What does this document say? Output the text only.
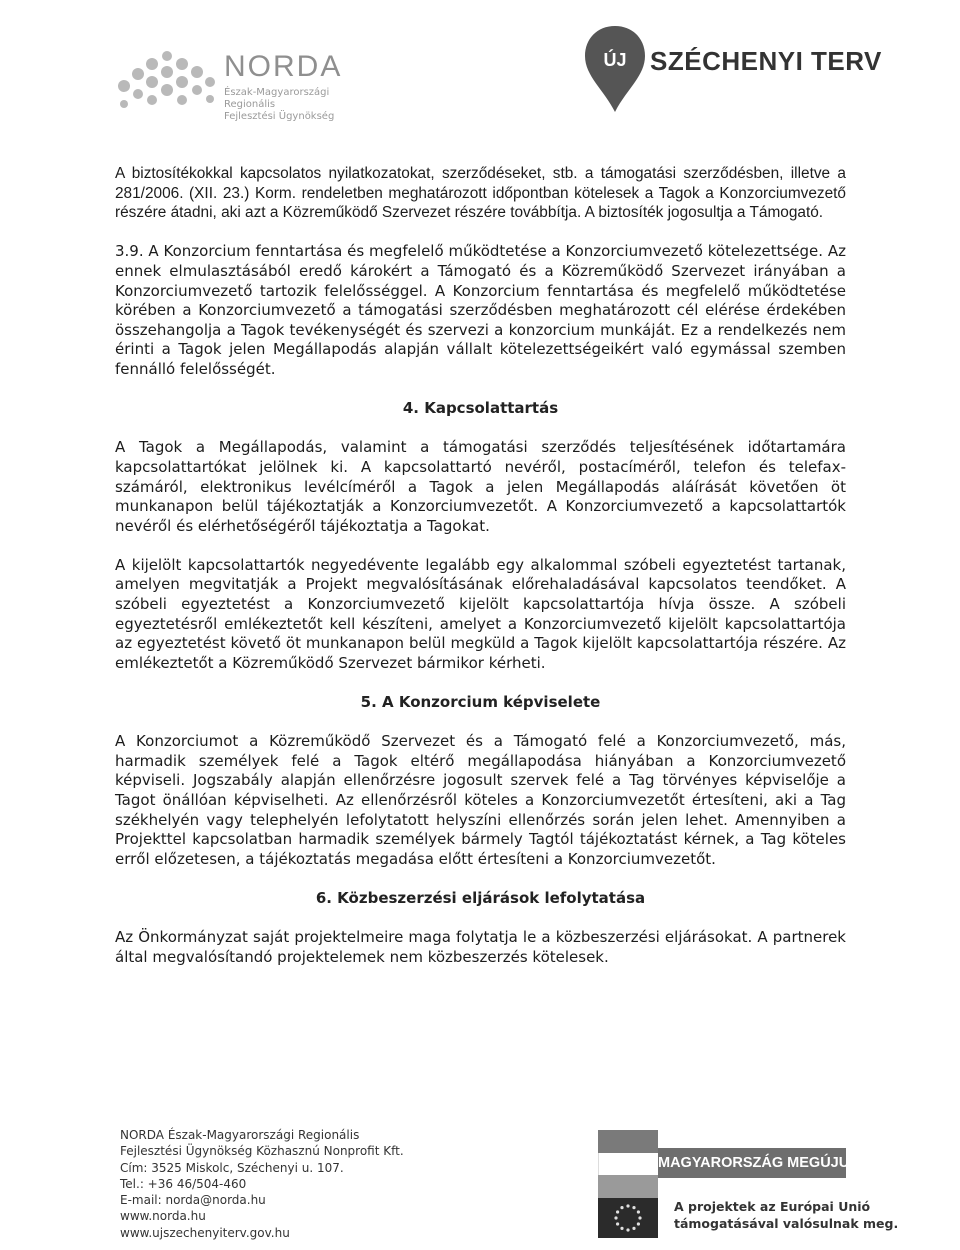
NORDA
Észak-Magyarországi Regionális
Fejlesztési Ügynökség
ÚJ SZÉCHENYI TERV

A biztosítékokkal kapcsolatos nyilatkozatokat, szerződéseket, stb. a támogatási szerződésben, illetve a 281/2006. (XII. 23.) Korm. rendeletben meghatározott időpontban kötelesek a Tagok a Konzorciumvezető részére átadni, aki azt a Közreműködő Szervezet részére továbbítja. A biztosíték jogosultja a Támogató.

3.9. A Konzorcium fenntartása és megfelelő működtetése a Konzorciumvezető kötelezettsége. Az ennek elmulasztásából eredő károkért a Támogató és a Közreműködő Szervezet irányában a Konzorciumvezető tartozik felelősséggel. A Konzorcium fenntartása és megfelelő működtetése körében a Konzorciumvezető a támogatási szerződésben meghatározott cél elérése érdekében összehangolja a Tagok tevékenységét és szervezi a konzorcium munkáját. Ez a rendelkezés nem érinti a Tagok jelen Megállapodás alapján vállalt kötelezettségeikért való egymással szemben fennálló felelősségét.

4. Kapcsolattartás

A Tagok a Megállapodás, valamint a támogatási szerződés teljesítésének időtartamára kapcsolattartókat jelölnek ki. A kapcsolattartó nevéről, postacíméről, telefon és telefax-számáról, elektronikus levélcíméről a Tagok a jelen Megállapodás aláírását követően öt munkanapon belül tájékoztatják a Konzorciumvezetőt. A Konzorciumvezető a kapcsolattartók nevéről és elérhetőségéről tájékoztatja a Tagokat.

A kijelölt kapcsolattartók negyedévente legalább egy alkalommal szóbeli egyeztetést tartanak, amelyen megvitatják a Projekt megvalósításának előrehaladásával kapcsolatos teendőket. A szóbeli egyeztetést a Konzorciumvezető kijelölt kapcsolattartója hívja össze. A szóbeli egyeztetésről emlékeztetőt kell készíteni, amelyet a Konzorciumvezető kijelölt kapcsolattartója az egyeztetést követő öt munkanapon belül megküld a Tagok kijelölt kapcsolattartója részére. Az emlékeztetőt a Közreműködő Szervezet bármikor kérheti.

5. A Konzorcium képviselete

A Konzorciumot a Közreműködő Szervezet és a Támogató felé a Konzorciumvezető, más, harmadik személyek felé a Tagok eltérő megállapodása hiányában a Konzorciumvezető képviseli. Jogszabály alapján ellenőrzésre jogosult szervek felé a Tag törvényes képviselője a Tagot önállóan képviselheti. Az ellenőrzésről köteles a Konzorciumvezetőt értesíteni, aki a Tag székhelyén vagy telephelyén lefolytatott helyszíni ellenőrzés során jelen lehet. Amennyiben a Projekttel kapcsolatban harmadik személyek bármely Tagtól tájékoztatást kérnek, a Tag köteles erről előzetesen, a tájékoztatás megadása előtt értesíteni a Konzorciumvezetőt.

6. Közbeszerzési eljárások lefolytatása

Az Önkormányzat saját projektelmeire maga folytatja le a közbeszerzési eljárásokat. A partnerek által megvalósítandó projektelemek nem közbeszerzés kötelesek.

NORDA Észak-Magyarországi Regionális
Fejlesztési Ügynökség Közhasznú Nonprofit Kft.
Cím: 3525 Miskolc, Széchenyi u. 107.
Tel.: +36 46/504-460
E-mail: norda@norda.hu
www.norda.hu
www.ujszechenyiterv.gov.hu
MAGYARORSZÁG MEGÚJUL
A projektek az Európai Unió
támogatásával valósulnak meg.
